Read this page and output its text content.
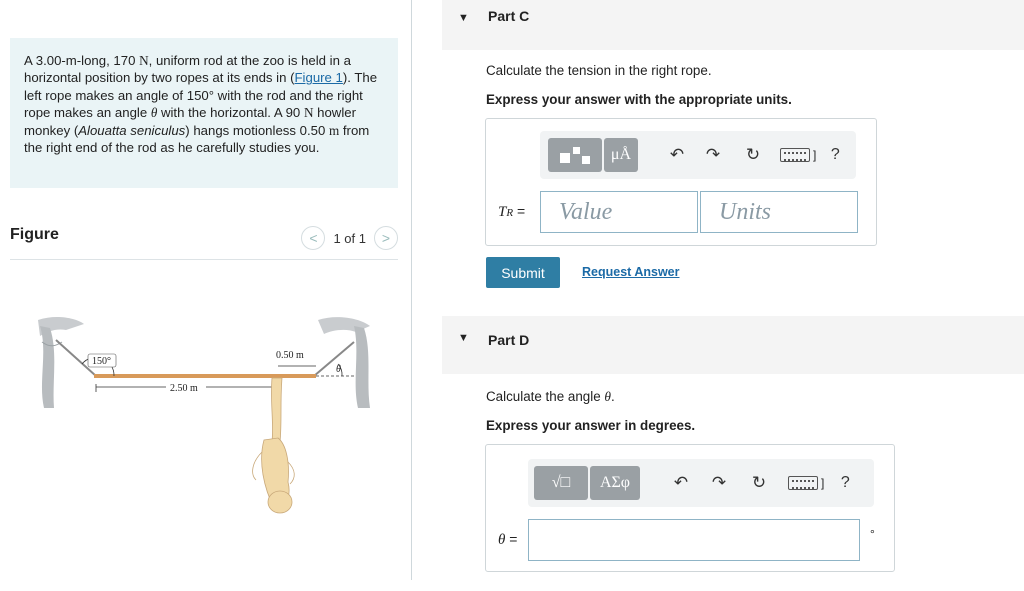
A 3.00-m-long, 170 N, uniform rod at the zoo is held in a horizontal position by two ropes at its ends in (Figure 1). The left rope makes an angle of 150° with the rod and the right rope makes an angle θ with the horizontal. A 90 N howler monkey (Alouatta seniculus) hangs motionless 0.50 m from the right end of the rod as he carefully studies you.
Figure	<	1 of 1	>
150°
θ
2.50 m
0.50 m
▼ Part C
Calculate the tension in the right rope.
Express your answer with the appropriate units.
μÅ	↶	↷	↻	] ?
TR =	Value	Units
Submit	Request Answer
▼ Part D
Calculate the angle θ.
Express your answer in degrees.
√□	ΑΣφ	↶	↷	↻	]	?
θ =	°
